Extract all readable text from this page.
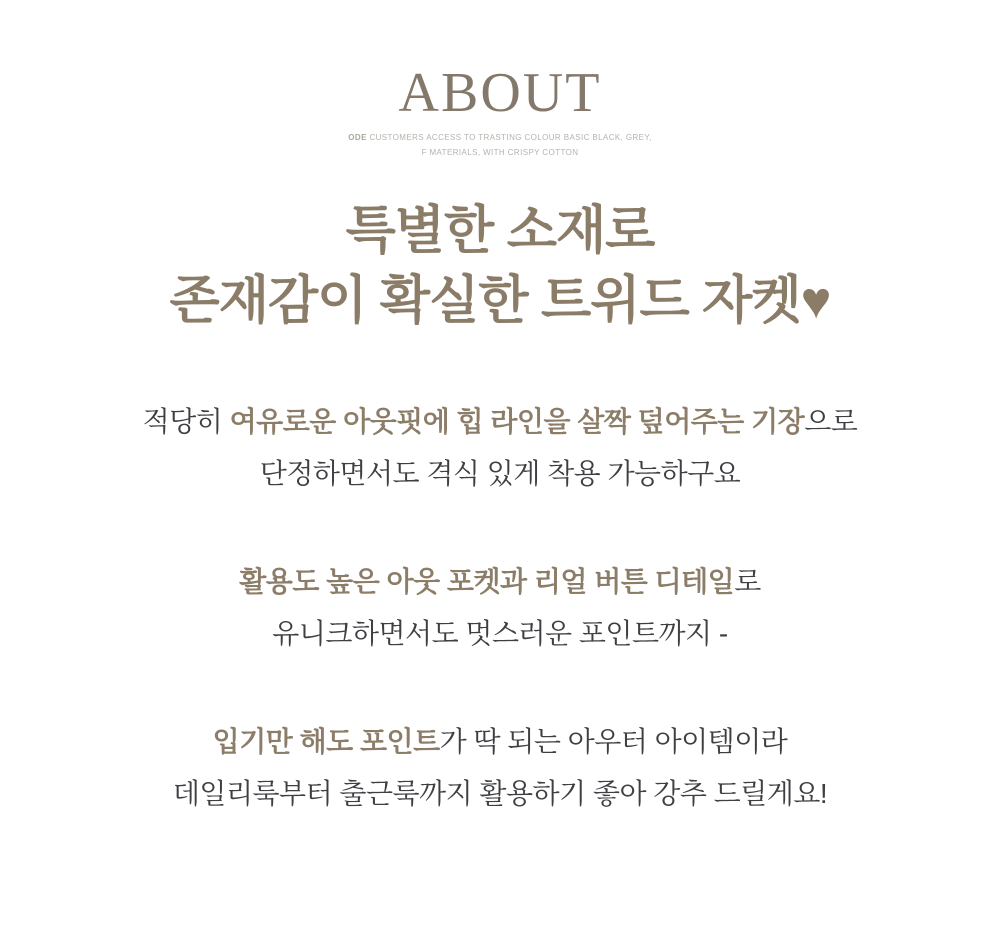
ABOUT

ODE CUSTOMERS ACCESS TO TRASTING COLOUR BASIC BLACK, GREY,
F MATERIALS, WITH CRISPY COTTON

특별한 소재로
존재감이 확실한 트위드 자켓♥

적당히 여유로운 아웃핏에 힙 라인을 살짝 덮어주는 기장으로
단정하면서도 격식 있게 착용 가능하구요

활용도 높은 아웃 포켓과 리얼 버튼 디테일로
유니크하면서도 멋스러운 포인트까지 -

입기만 해도 포인트가 딱 되는 아우터 아이템이라
데일리룩부터 출근룩까지 활용하기 좋아 강추 드릴게요!
